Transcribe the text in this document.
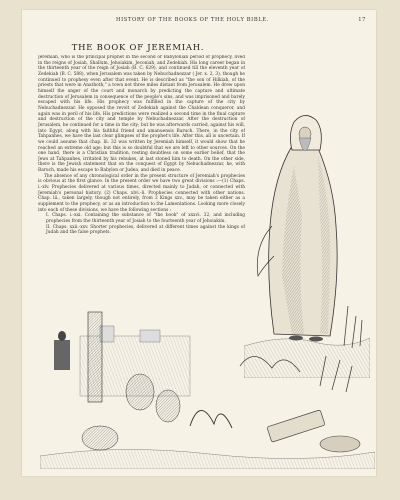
HISTORY OF THE BOOKS OF THE HOLY BIBLE.	17
THE BOOK OF JEREMIAH.

Jeremiah, who is the principal prophet in the second or Babylonian period of prophecy, lived in the reigns of Josiah, Shallum, Jehoiakim, Jeconiah, and Zedekiah. His long career began in the thirteenth year of the reign of Josiah (B. C. 629), and continued till the eleventh year of Zedekiah (B. C. 588), when Jerusalem was taken by Nebuchadnezzar ( Jer. x. 2, 3), though he continued to prophesy even after that event. He is described as "the son of Hilkiah, of the priests that were in Anathoth," a town not three miles distant from Jerusalem. He drew upon himself the anger of the court and monarch by predicting the capture and ultimate destruction of Jerusalem in consequence of the people's sins, and was imprisoned and barely escaped with his life. His prophecy was fulfilled in the capture of the city by Nebuchadnezzar. He opposed the revolt of Zedekiah against the Chaldean conqueror, and again was in peril of his life. His predictions were realized a second time in the final capture and destruction of the city and temple by Nebuchadnezzar. After the destruction of Jerusalem, he continued for a time in the city; but he was afterwards carried, against his will, into Egypt, along with his faithful friend and amanuensis Baruch. There, in the city of Tahpanhes, we have the last clear glimpses of the prophet's life. After this, all is uncertain. If we could assume that chap. lii. 32 was written by Jeremiah himself, it would show that he reached an extreme old age; but this is so doubtful that we are left to other sources. On the one hand, there is a Christian tradition, resting doubtless on some earlier belief, that the Jews at Tahpanhes, irritated by his rebukes, at last stoned him to death. On the other side, there is the Jewish statement that on the conquest of Egypt by Nebuchadnezzar, he, with Baruch, made his escape to Babylon or Judea, and died in peace.

The absence of any chronological order in the present structure of Jeremiah's prophecies is obvious at the first glance. In the present order we have two great divisions :—(1) Chaps. i.-xlv. Prophecies delivered at various times, directed mainly to Judah, or connected with Jeremiah's personal history. (2) Chaps. xlvi.-li. Prophecies connected with other nations. Chap. lii., taken largely, though not entirely, from 2 Kings xxv., may be taken either as a supplement to the prophecy, or as an introduction to the Lamentations. Looking more closely into each of these divisions, we have the following sections :

I. Chaps. i.-xxi. Containing the substance of "the book" of xxxvi. 32, and including prophecies from the thirteenth year of Josiah to the fourteenth year of Jehoiakim.

II. Chaps. xxii.-xxv. Shorter prophecies, delivered at different times against the kings of Judah and the false prophets.
